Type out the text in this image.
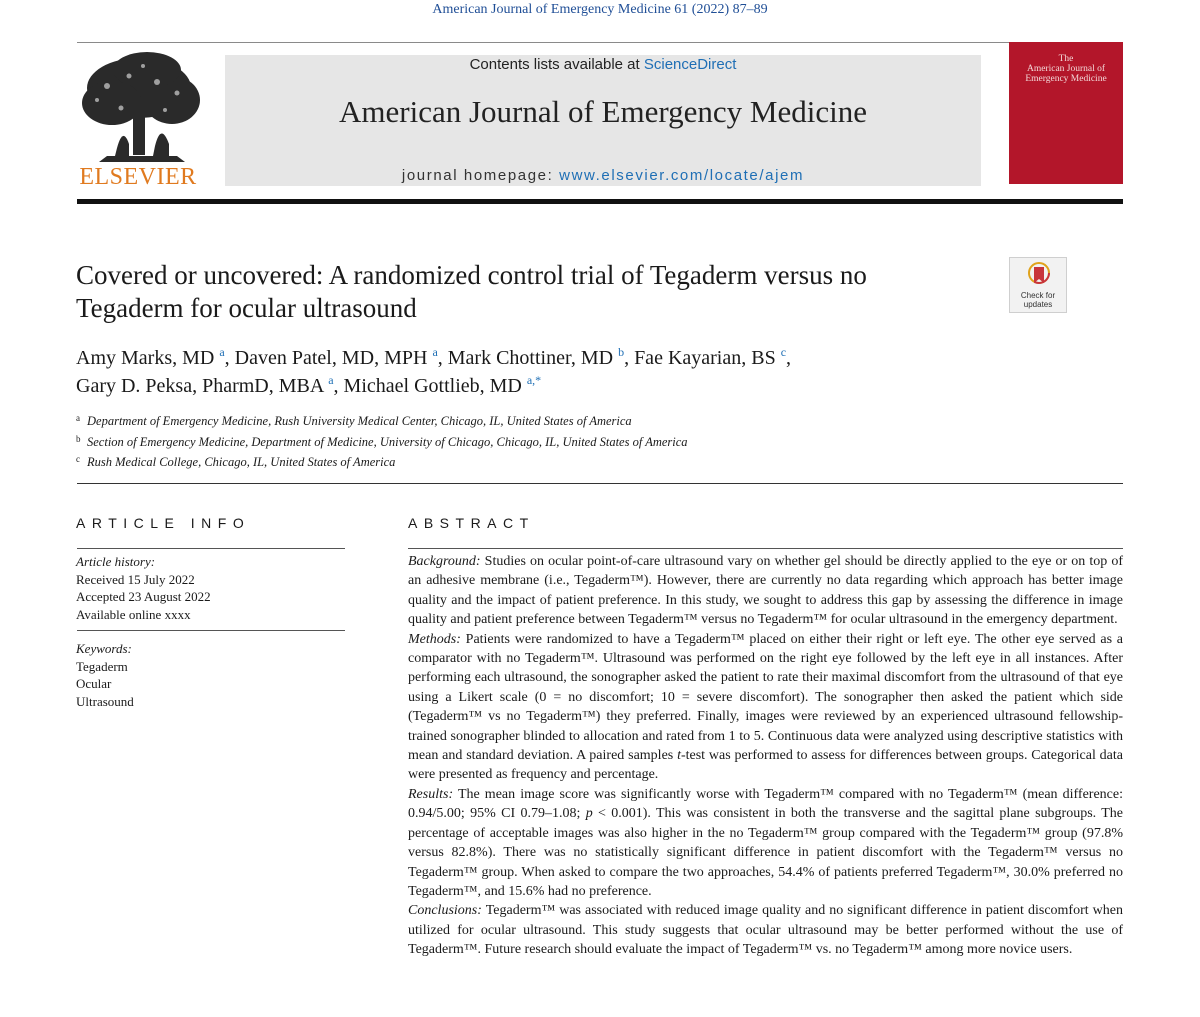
American Journal of Emergency Medicine 61 (2022) 87–89
ELSEVIER
Contents lists available at ScienceDirect
American Journal of Emergency Medicine
journal homepage: www.elsevier.com/locate/ajem
The
American Journal of
Emergency Medicine
Covered or uncovered: A randomized control trial of Tegaderm versus no
Tegaderm for ocular ultrasound	Check for
updates
Amy Marks, MD $^a$, Daven Patel, MD, MPH $^a$, Mark Chottiner, MD $^b$, Fae Kayarian, BS $^c$,
Gary D. Peksa, PharmD, MBA $^a$, Michael Gottlieb, MD $^{a,*}$
a Department of Emergency Medicine, Rush University Medical Center, Chicago, IL, United States of America
b Section of Emergency Medicine, Department of Medicine, University of Chicago, Chicago, IL, United States of America
c Rush Medical College, Chicago, IL, United States of America
ARTICLE INFO
Article history:
Received 15 July 2022
Accepted 23 August 2022
Available online xxxx
Keywords:
Tegaderm
Ocular
Ultrasound
ABSTRACT

Background: Studies on ocular point-of-care ultrasound vary on whether gel should be directly applied to the eye or on top of an adhesive membrane (i.e., Tegaderm™). However, there are currently no data regarding which approach has better image quality and the impact of patient preference. In this study, we sought to address this gap by assessing the difference in image quality and patient preference between Tegaderm™ versus no Tegaderm™ for ocular ultrasound in the emergency department.

Methods: Patients were randomized to have a Tegaderm™ placed on either their right or left eye. The other eye served as a comparator with no Tegaderm™. Ultrasound was performed on the right eye followed by the left eye in all instances. After performing each ultrasound, the sonographer asked the patient to rate their maximal discomfort from the ultrasound of that eye using a Likert scale (0 = no discomfort; 10 = severe discomfort). The sonographer then asked the patient which side (Tegaderm™ vs no Tegaderm™) they preferred. Finally, images were reviewed by an experienced ultrasound fellowship-trained sonographer blinded to allocation and rated from 1 to 5. Continuous data were analyzed using descriptive statistics with mean and standard deviation. A paired samples t-test was performed to assess for differences between groups. Categorical data were presented as frequency and percentage.

Results: The mean image score was significantly worse with Tegaderm™ compared with no Tegaderm™ (mean difference: 0.94/5.00; 95% CI 0.79–1.08; p < 0.001). This was consistent in both the transverse and the sagittal plane subgroups. The percentage of acceptable images was also higher in the no Tegaderm™ group compared with the Tegaderm™ group (97.8% versus 82.8%). There was no statistically significant difference in patient discomfort with the Tegaderm™ versus no Tegaderm™ group. When asked to compare the two approaches, 54.4% of patients preferred Tegaderm™, 30.0% preferred no Tegaderm™, and 15.6% had no preference.

Conclusions: Tegaderm™ was associated with reduced image quality and no significant difference in patient discomfort when utilized for ocular ultrasound. This study suggests that ocular ultrasound may be better performed without the use of Tegaderm™. Future research should evaluate the impact of Tegaderm™ vs. no Tegaderm™ among more novice users.
